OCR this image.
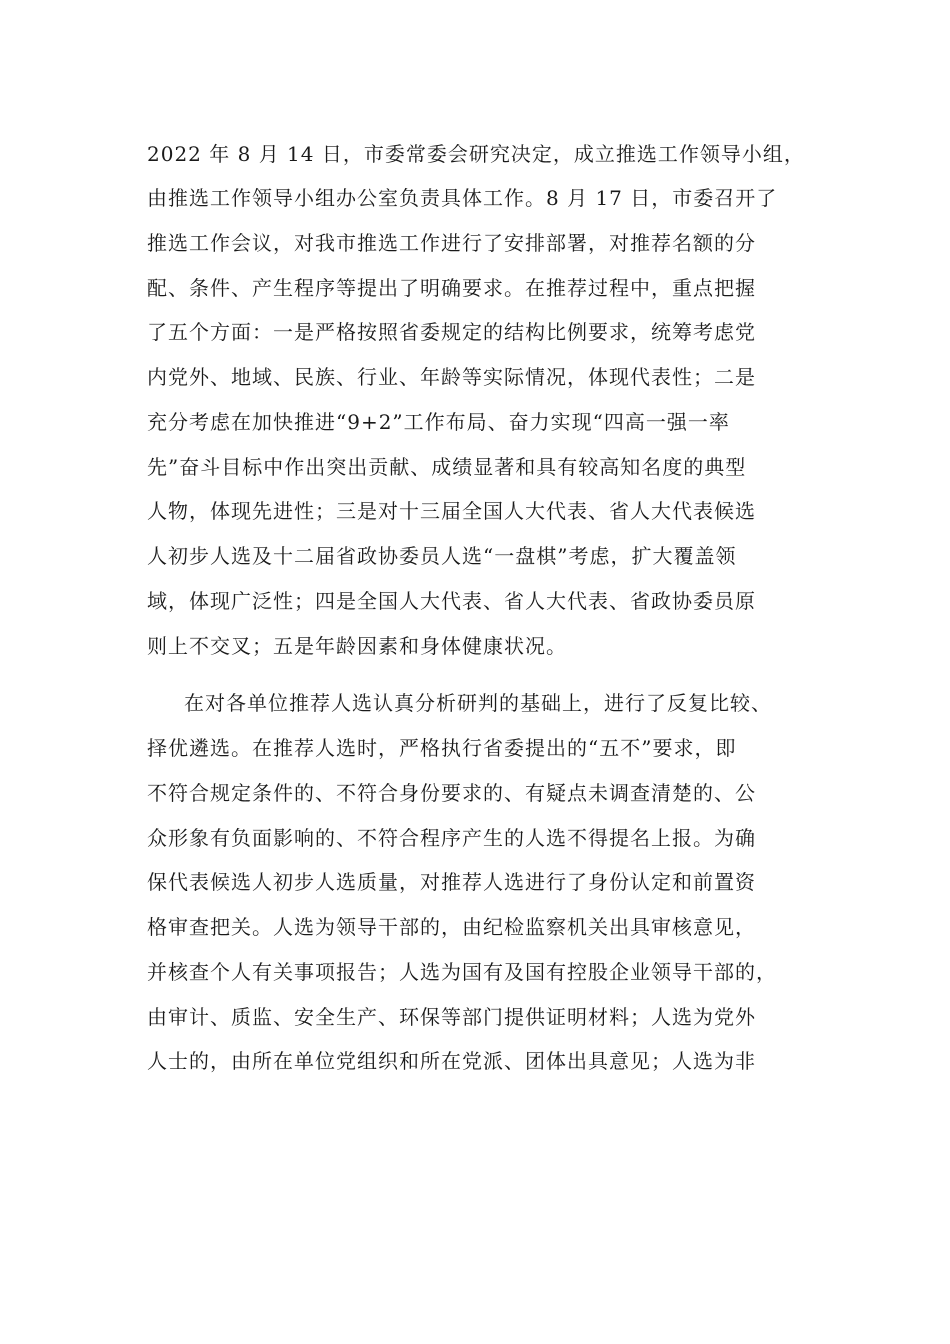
2022 年 8 月 14 日，市委常委会研究决定，成立推选工作领导小组，
由推选工作领导小组办公室负责具体工作。8 月 17 日，市委召开了
推选工作会议，对我市推选工作进行了安排部署，对推荐名额的分
配、条件、产生程序等提出了明确要求。在推荐过程中，重点把握
了五个方面：一是严格按照省委规定的结构比例要求，统筹考虑党
内党外、地域、民族、行业、年龄等实际情况，体现代表性；二是
充分考虑在加快推进“9+2”工作布局、奋力实现“四高一强一率
先”奋斗目标中作出突出贡献、成绩显著和具有较高知名度的典型
人物，体现先进性；三是对十三届全国人大代表、省人大代表候选
人初步人选及十二届省政协委员人选“一盘棋”考虑，扩大覆盖领
域，体现广泛性；四是全国人大代表、省人大代表、省政协委员原
则上不交叉；五是年龄因素和身体健康状况。
在对各单位推荐人选认真分析研判的基础上，进行了反复比较、
择优遴选。在推荐人选时，严格执行省委提出的“五不”要求，即
不符合规定条件的、不符合身份要求的、有疑点未调查清楚的、公
众形象有负面影响的、不符合程序产生的人选不得提名上报。为确
保代表候选人初步人选质量，对推荐人选进行了身份认定和前置资
格审查把关。人选为领导干部的，由纪检监察机关出具审核意见，
并核查个人有关事项报告；人选为国有及国有控股企业领导干部的，
由审计、质监、安全生产、环保等部门提供证明材料；人选为党外
人士的，由所在单位党组织和所在党派、团体出具意见；人选为非
